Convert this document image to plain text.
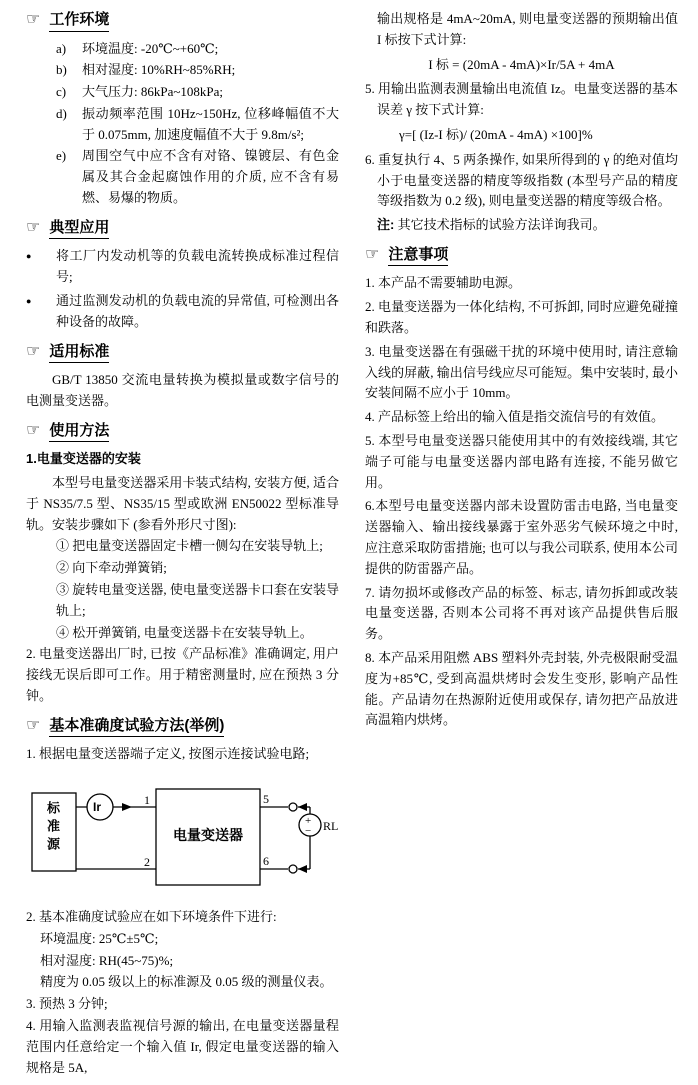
☞ 工作环境
a)	环境温度: -20℃~+60℃;
b)	相对湿度: 10%RH~85%RH;
c)	大气压力: 86kPa~108kPa;
d)	振动频率范围 10Hz~150Hz, 位移峰幅值不大于 0.075mm, 加速度幅值不大于 9.8m/s²;
e)	周围空气中应不含有对铬、镍镀层、有色金属及其合金起腐蚀作用的介质, 应不含有易燃、易爆的物质。
☞ 典型应用
●	将工厂内发动机等的负载电流转换成标准过程信号;
●	通过监测发动机的负载电流的异常值, 可检测出各种设备的故障。
☞ 适用标准

GB/T 13850 交流电量转换为模拟量或数字信号的电测量变送器。

☞ 使用方法

1.电量变送器的安装

本型号电量变送器采用卡装式结构, 安装方便, 适合于 NS35/7.5 型、NS35/15 型或欧洲 EN50022 型标准导轨。安装步骤如下 (参看外形尺寸图):

① 把电量变送器固定卡槽一侧勾在安装导轨上;

② 向下牵动弹簧销;

③ 旋转电量变送器, 使电量变送器卡口套在安装导轨上;

④ 松开弹簧销, 电量变送器卡在安装导轨上。

2. 电量变送器出厂时, 已按《产品标准》准确调定, 用户接线无误后即可工作。用于精密测量时, 应在预热 3 分钟。

☞ 基本准确度试验方法(举例)

1. 根据电量变送器端子定义, 按图示连接试验电路;

标准源	Ir	1
2
5
6
电量变送器
+
− RL

2. 基本准确度试验应在如下环境条件下进行:

环境温度: 25℃±5℃;

相对湿度: RH(45~75)%;

精度为 0.05 级以上的标准源及 0.05 级的测量仪表。

3. 预热 3 分钟;

4. 用输入监测表监视信号源的输出, 在电量变送器量程范围内任意给定一个输入值 Ir, 假定电量变送器的输入规格是 5A,

输出规格是 4mA~20mA, 则电量变送器的预期输出值 I 标按下式计算:

I 标 = (20mA - 4mA)×Ir/5A + 4mA

5. 用输出监测表测量输出电流值 Iz。电量变送器的基本误差 γ 按下式计算:

γ=[ (Iz-I 标)/ (20mA - 4mA) ×100]%

6. 重复执行 4、5 两条操作, 如果所得到的 γ 的绝对值均小于电量变送器的精度等级指数 (本型号产品的精度等级指数为 0.2 级), 则电量变送器的精度等级合格。

注: 其它技术指标的试验方法详询我司。

☞ 注意事项

1. 本产品不需要辅助电源。

2. 电量变送器为一体化结构, 不可拆卸, 同时应避免碰撞和跌落。

3. 电量变送器在有强磁干扰的环境中使用时, 请注意输入线的屏蔽, 输出信号线应尽可能短。集中安装时, 最小安装间隔不应小于 10mm。

4. 产品标签上给出的输入值是指交流信号的有效值。

5. 本型号电量变送器只能使用其中的有效接线端, 其它端子可能与电量变送器内部电路有连接, 不能另做它用。

6.本型号电量变送器内部未设置防雷击电路, 当电量变送器输入、输出接线暴露于室外恶劣气候环境之中时, 应注意采取防雷措施; 也可以与我公司联系, 使用本公司提供的防雷器产品。

7. 请勿损坏或修改产品的标签、标志, 请勿拆卸或改装电量变送器, 否则本公司将不再对该产品提供售后服务。

8. 本产品采用阻燃 ABS 塑料外壳封装, 外壳极限耐受温度为+85℃, 受到高温烘烤时会发生变形, 影响产品性能。产品请勿在热源附近使用或保存, 请勿把产品放进高温箱内烘烤。
